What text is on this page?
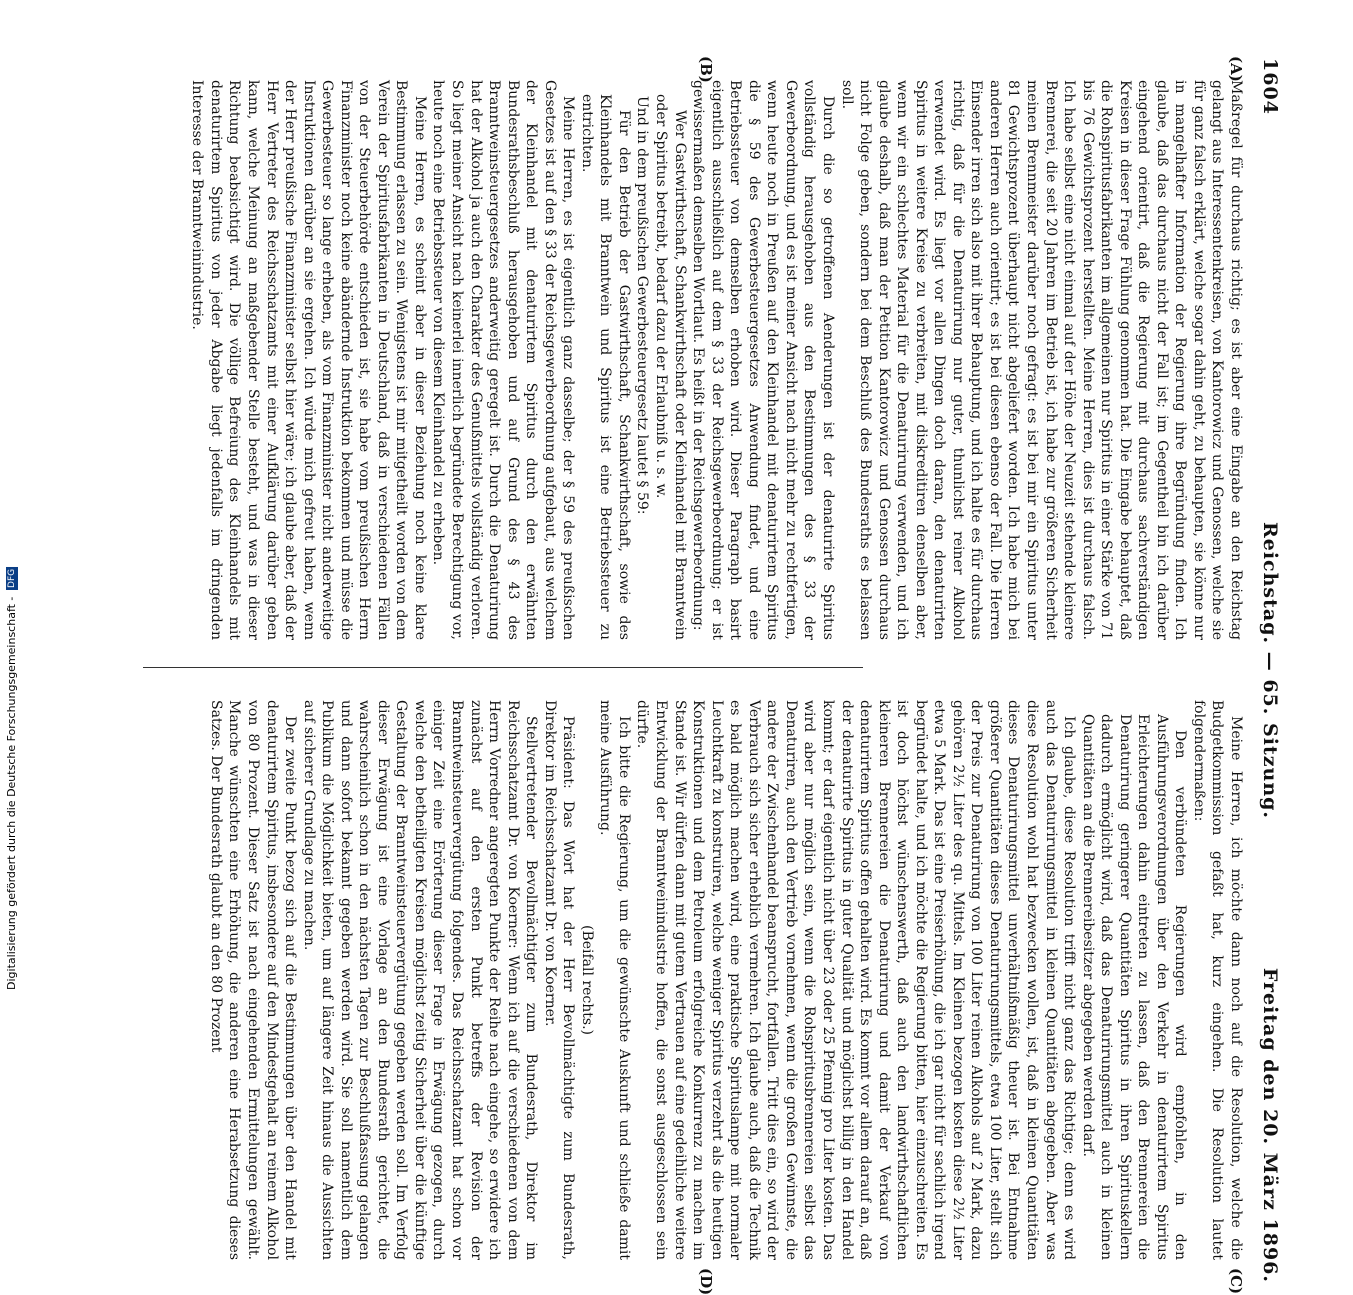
1604
Reichstag. — 65. Sitzung.
Freitag den 20. März 1896.
(A)
(B)
(C)
(D)

Maßregel für durchaus richtig; es ist aber eine Eingabe an den Reichstag gelangt aus Interessentenkreisen, von Kantorowicz und Genossen, welche sie für ganz falsch erklärt, welche sogar dahin geht, zu behaupten, sie könne nur in mangelhafter Information der Regierung ihre Begründung finden. Ich glaube, daß das durchaus nicht der Fall ist; im Gegentheil bin ich darüber eingehend orientirt, daß die Regierung mit durchaus sachverständigen Kreisen in dieser Frage Fühlung genommen hat. Die Eingabe behauptet, daß die Rohspiritusfabrikanten im allgemeinen nur Spiritus in einer Stärke von 71 bis 76 Gewichtsprozent herstellten. Meine Herren, dies ist durchaus falsch. Ich habe selbst eine nicht einmal auf der Höhe der Neuzeit stehende kleinere Brennerei, die seit 20 Jahren im Betrieb ist, ich habe zur größeren Sicherheit meinen Brennmeister darüber noch gefragt: es ist bei mir ein Spiritus unter 81 Gewichtsprozent überhaupt nicht abgeliefert worden. Ich habe mich bei anderen Herren auch orientirt; es ist bei diesen ebenso der Fall. Die Herren Einsender irren sich also mit ihrer Behauptung, und ich halte es für durchaus richtig, daß für die Denaturirung nur guter, thunlichst reiner Alkohol verwendet wird. Es liegt vor allen Dingen doch daran, den denaturirten Spiritus in weitere Kreise zu verbreiten, mit diskreditiren denselben aber, wenn wir ein schlechtes Material für die Denaturirung verwenden, und ich glaube deshalb, daß man der Petition Kantorowicz und Genossen durchaus nicht Folge geben, sondern bei dem Beschluß des Bundesraths es belassen soll.

Durch die so getroffenen Aenderungen ist der denaturirte Spiritus vollständig herausgehoben aus den Bestimmungen des § 33 der Gewerbeordnung, und es ist meiner Ansicht nach nicht mehr zu rechtfertigen, wenn heute noch in Preußen auf den Kleinhandel mit denaturirtem Spiritus die § 59 des Gewerbesteuergesetzes Anwendung findet, und eine Betriebssteuer von demselben erhoben wird. Dieser Paragraph basirt eigentlich ausschließlich auf dem § 33 der Reichsgewerbeordnung; er ist gewissermaßen demselben Wortlaut. Es heißt in der Reichsgewerbeordnung:

Wer Gastwirthschaft, Schankwirthschaft oder Kleinhandel mit Branntwein oder Spiritus betreibt, bedarf dazu der Erlaubniß u. s. w.

Und in dem preußischen Gewerbesteuergesetz lautet § 59:

Für den Betrieb der Gastwirthschaft, Schankwirthschaft, sowie des Kleinhandels mit Branntwein und Spiritus ist eine Betriebssteuer zu entrichten.

Meine Herren, es ist eigentlich ganz dasselbe; der § 59 des preußischen Gesetzes ist auf den § 33 der Reichsgewerbeordnung aufgebaut, aus welchem der Kleinhandel mit denaturirtem Spiritus durch den erwähnten Bundesrathsbeschluß herausgehoben und auf Grund des § 43 des Branntweinsteuergesetzes anderweitig geregelt ist. Durch die Denaturirung hat der Alkohol ja auch den Charakter des Genußmittels vollständig verloren. So liegt meiner Ansicht nach keinerlei innerlich begründete Berechtigung vor, heute noch eine Betriebssteuer von diesem Kleinhandel zu erheben.

Meine Herren, es scheint aber in dieser Beziehung noch keine klare Bestimmung erlassen zu sein. Wenigstens ist mir mitgetheilt worden von dem Verein der Spiritusfabrikanten in Deutschland, daß in verschiedenen Fällen von der Steuerbehörde entschieden ist, sie habe vom preußischen Herrn Finanzminister noch keine abändernde Instruktion bekommen und müsse die Gewerbesteuer so lange erheben, als vom Finanzminister nicht anderweitige Instruktionen darüber an sie ergehen. Ich würde mich gefreut haben, wenn der Herr preußische Finanzminister selbst hier wäre; ich glaube aber, daß der Herr Vertreter des Reichsschatzamts mit einer Aufklärung darüber geben kann, welche Meinung an maßgebender Stelle besteht, und was in dieser Richtung beabsichtigt wird. Die völlige Befreiung des Kleinhandels mit denaturirtem Spiritus von jeder Abgabe liegt jedenfalls im dringenden Interesse der Branntweinindustrie.

Meine Herren, ich möchte dann noch auf die Resolution, welche die Budgetkommission gefaßt hat, kurz eingehen. Die Resolution lautet folgendermaßen:

Den verbündeten Regierungen wird empfohlen, in den Ausführungsverordnungen über den Verkehr in denaturirtem Spiritus Erleichterungen dahin eintreten zu lassen, daß den Brennereien die Denaturirung geringerer Quantitäten Spiritus in ihren Spirituskellern dadurch ermöglicht wird, daß das Denaturirungsmittel auch in kleinen Quantitäten an die Brennereibesitzer abgegeben werden darf.

Ich glaube, diese Resolution trifft nicht ganz das Richtige; denn es wird auch das Denaturirungsmittel in kleinen Quantitäten abgegeben. Aber was diese Resolution wohl hat bezwecken wollen, ist, daß in kleinen Quantitäten dieses Denaturirungsmittel unverhältnißmäßig theuer ist. Bei Entnahme größerer Quantitäten dieses Denaturirungsmittels, etwa 100 Liter, stellt sich der Preis zur Denaturirung von 100 Liter reinen Alkohols auf 2 Mark, dazu gehören 2½ Liter des qu. Mittels. Im Kleinen bezogen kosten diese 2½ Liter etwa 5 Mark. Das ist eine Preiserhöhung, die ich gar nicht für sachlich irgend begründet halte, und ich möchte die Regierung bitten, hier einzuschreiten. Es ist doch höchst wünschenswerth, daß auch den landwirthschaftlichen kleineren Brennereien die Denaturirung und damit der Verkauf von denaturirtem Spiritus offen gehalten wird. Es kommt vor allem darauf an, daß der denaturirte Spiritus in guter Qualität und möglichst billig in den Handel kommt; er darf eigentlich nicht über 23 oder 25 Pfennig pro Liter kosten. Das wird aber nur möglich sein, wenn die Rohspiritusbrennereien selbst das Denaturiren, auch den Vertrieb vornehmen, wenn die großen Gewinnste, die andere der Zwischenhandel beansprucht, fortfallen. Tritt dies ein, so wird der Verbrauch sich sicher erheblich vermehren. Ich glaube auch, daß die Technik es bald möglich machen wird, eine praktische Spirituslampe mit normaler Leuchtkraft zu konstruiren, welche weniger Spiritus verzehrt als die heutigen Konstruktionen und dem Petroleum erfolgreiche Konkurrenz zu machen im Stande ist. Wir dürfen dann mit gutem Vertrauen auf eine gedeihliche weitere Entwicklung der Branntweinindustrie hoffen, die sonst ausgeschlossen sein dürfte.

Ich bitte die Regierung, um die gewünschte Auskunft und schließe damit meine Ausführung.

(Beifall rechts.)

Präsident: Das Wort hat der Herr Bevollmächtigte zum Bundesrath, Direktor im Reichsschatzamt Dr. von Koerner.

Stellvertretender Bevollmächtigter zum Bundesrath, Direktor im Reichsschatzamt Dr. von Koerner: Wenn ich auf die verschiedenen von dem Herrn Vorredner angeregten Punkte der Reihe nach eingehe, so erwidere ich zunächst auf den ersten Punkt betreffs der Revision der Branntweinsteuervergütung folgendes. Das Reichsschatzamt hat schon vor einiger Zeit eine Erörterung dieser Frage in Erwägung gezogen, durch welche den betheiligten Kreisen möglichst zeitig Sicherheit über die künftige Gestaltung der Branntweinsteuervergütung gegeben werden soll. Im Verfolg dieser Erwägung ist eine Vorlage an den Bundesrath gerichtet, die wahrscheinlich schon in den nächsten Tagen zur Beschlußfassung gelangen und dann sofort bekannt gegeben werden wird. Sie soll namentlich dem Publikum die Möglichkeit bieten, um auf längere Zeit hinaus die Aussichten auf sicherer Grundlage zu machen.

Der zweite Punkt bezog sich auf die Bestimmungen über den Handel mit denaturirtem Spiritus, insbesondere auf den Mindestgehalt an reinem Alkohol von 80 Prozent. Dieser Satz ist nach eingehenden Ermittelungen gewählt. Manche wünschten eine Erhöhung, die anderen eine Herabsetzung dieses Satzes. Der Bundesrath glaubt an den 80 Prozent

Digitalisierung gefördert durch die Deutsche Forschungsgemeinschaft - DFG
